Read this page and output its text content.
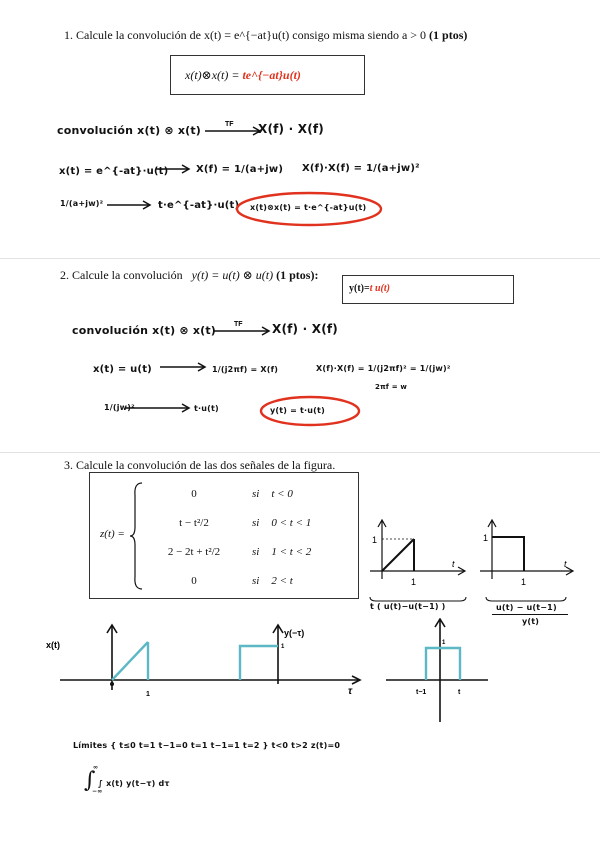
1. Calcule la convolución de x(t) = e^{−at}u(t) consigo misma siendo a > 0 (1 ptos)
x(t)⊗x(t) = te^{−at}u(t)
convolución x(t) ⊗ x(t)	TF X(f) · X(f)
x(t) = e^{-at}·u(t)	X(f) = 1/(a+jw) X(f)·X(f) = 1/(a+jw)²
1/(a+jw)²	t·e^{-at}·u(t) x(t)⊗x(t) = t·e^{-at}u(t)
2. Calcule la convolución y(t) = u(t) ⊗ u(t) (1 ptos):
y(t)=t u(t)
convolución x(t) ⊗ x(t)	TF X(f) · X(f)
x(t) = u(t)	1/(j2πf) = X(f)	X(f)·X(f) = 1/(j2πf)² = 1/(jw)²
2πf = w
1/(jw)²	t·u(t)	y(t) = t·u(t)
3. Calcule la convolución de las dos señales de la figura.
z(t) =
0	si	t < 0
t − t²/2	si	0 < t < 1
2 − 2t + t²/2	si	1 < t < 2
0	si	2 < t
1
1
t
t ( u(t)−u(t−1) )
1
1
t
u(t) − u(t−1)
y(t)
1
x(t)
y(−τ)
1
τ
1
t−1	t
Límites { t≤0 t=1 t−1=0 t=1 t−1=1 t=2 } t<0 t>2 z(t)=0
∫
∞
−∞
∫ x(t) y(t−τ) dτ
